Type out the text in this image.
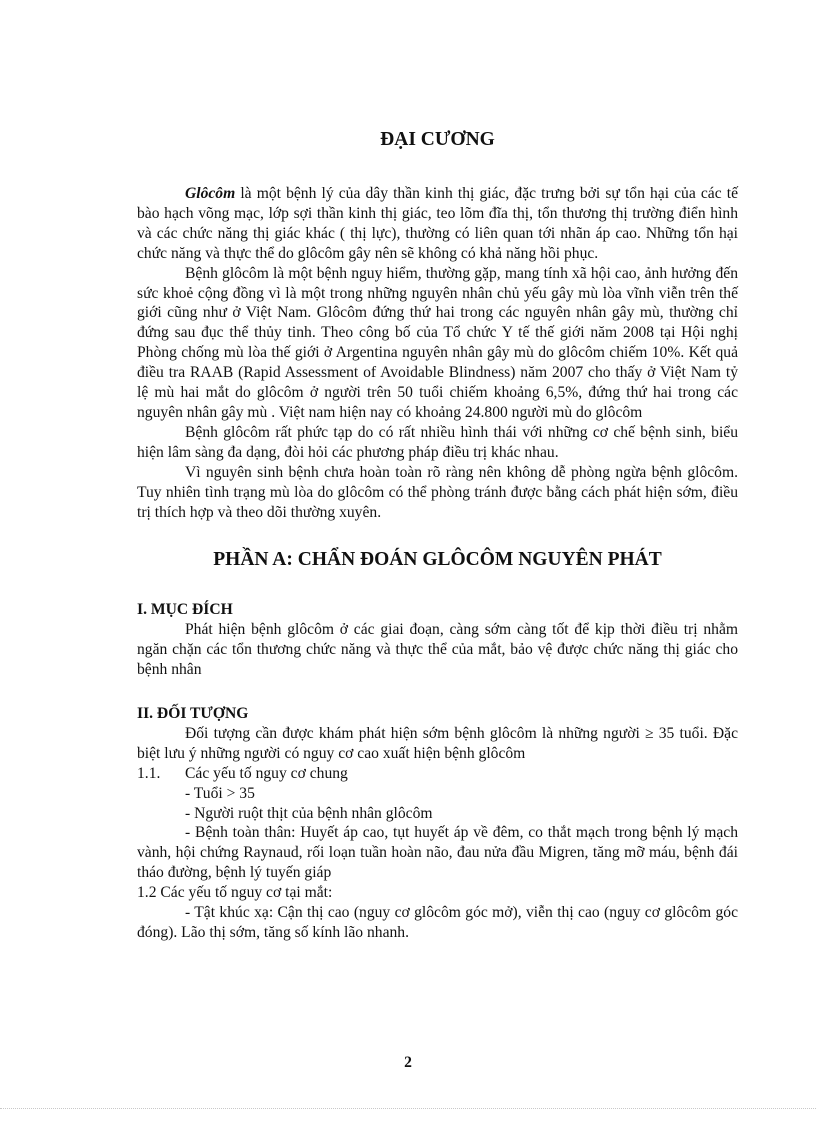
ĐẠI CƯƠNG

Glôcôm là một bệnh lý của dây thần kinh thị giác, đặc trưng bởi sự tổn hại của các tế bào hạch võng mạc, lớp sợi thần kinh thị giác, teo lõm đĩa thị, tổn thương thị trường điển hình và các chức năng thị giác khác ( thị lực), thường có liên quan tới nhãn áp cao. Những tổn hại chức năng và thực thể do glôcôm gây nên sẽ không có khả năng hồi phục.

Bệnh glôcôm là một bệnh nguy hiểm, thường gặp, mang tính xã hội cao, ảnh hưởng đến sức khoẻ cộng đồng vì là một trong những nguyên nhân chủ yếu gây mù lòa vĩnh viễn trên thế giới cũng như ở Việt Nam. Glôcôm đứng thứ hai trong các nguyên nhân gây mù, thường chỉ đứng sau đục thể thủy tinh. Theo công bố của Tổ chức Y tế thế giới năm 2008 tại Hội nghị Phòng chống mù lòa thế giới ở Argentina nguyên nhân gây mù do glôcôm chiếm 10%. Kết quả điều tra RAAB (Rapid Assessment of Avoidable Blindness) năm 2007 cho thấy ở Việt Nam tỷ lệ mù hai mắt do glôcôm ở người trên 50 tuổi chiếm khoảng 6,5%, đứng thứ hai trong các nguyên nhân gây mù . Việt nam hiện nay có khoảng 24.800 người mù do glôcôm

Bệnh glôcôm rất phức tạp do có rất nhiều hình thái với những cơ chế bệnh sinh, biểu hiện lâm sàng đa dạng, đòi hỏi các phương pháp điều trị khác nhau.

Vì nguyên sinh bệnh chưa hoàn toàn rõ ràng nên không dễ phòng ngừa bệnh glôcôm. Tuy nhiên tình trạng mù lòa do glôcôm có thể phòng tránh được bằng cách phát hiện sớm, điều trị thích hợp và theo dõi thường xuyên.

PHẦN A: CHẨN ĐOÁN GLÔCÔM NGUYÊN PHÁT
I. MỤC ĐÍCH

Phát hiện bệnh glôcôm ở các giai đoạn, càng sớm càng tốt để kịp thời điều trị nhằm ngăn chặn các tổn thương chức năng và thực thể của mắt, bảo vệ được chức năng thị giác cho bệnh nhân

II. ĐỐI TƯỢNG

Đối tượng cần được khám phát hiện sớm bệnh glôcôm là những người ≥ 35 tuổi. Đặc biệt lưu ý những người có nguy cơ cao xuất hiện bệnh glôcôm

1.1.	Các yếu tố nguy cơ chung
- Tuổi > 35
- Người ruột thịt của bệnh nhân glôcôm

- Bệnh toàn thân: Huyết áp cao, tụt huyết áp về đêm, co thắt mạch trong bệnh lý mạch vành, hội chứng Raynaud, rối loạn tuần hoàn não, đau nửa đầu Migren, tăng mỡ máu, bệnh đái tháo đường, bệnh lý tuyến giáp

1.2 Các yếu tố nguy cơ tại mắt:

- Tật khúc xạ: Cận thị cao (nguy cơ glôcôm góc mở), viễn thị cao (nguy cơ glôcôm góc đóng). Lão thị sớm, tăng số kính lão nhanh.

2
